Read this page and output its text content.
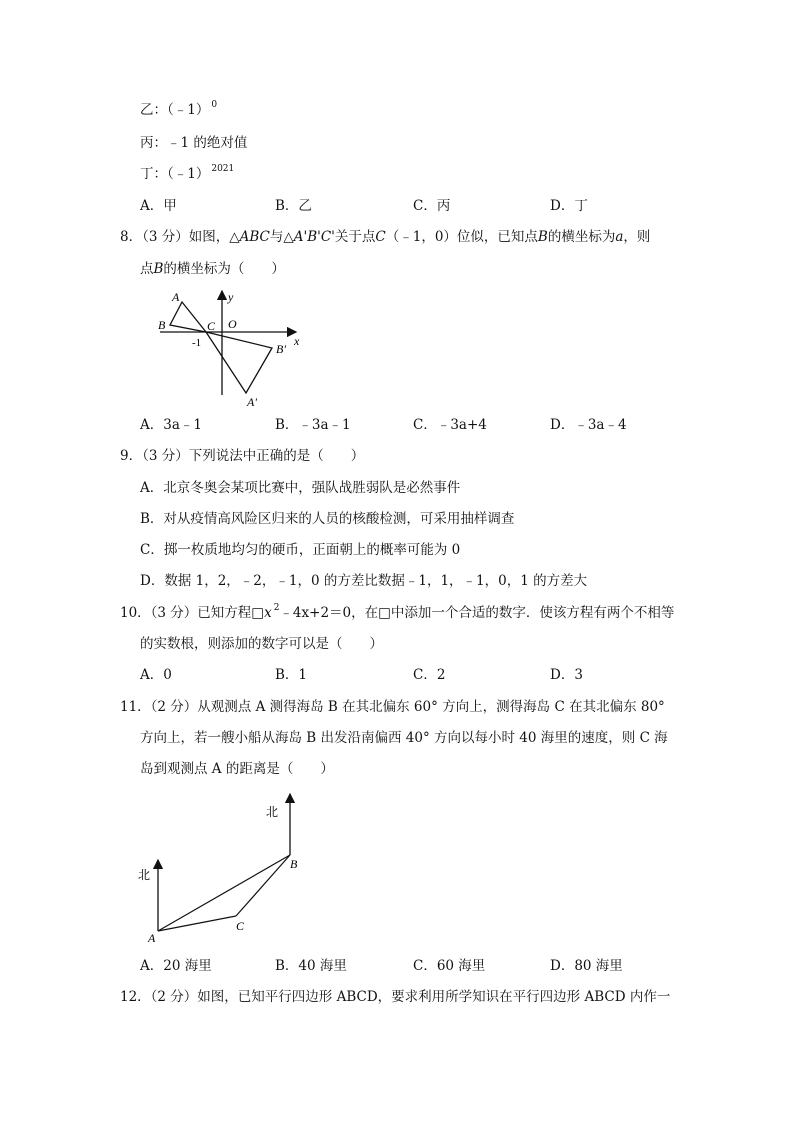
乙：（﹣1） $^0$
丙：﹣1 的绝对值
丁：（﹣1） $^{2021}$
A．甲	B．乙	C．丙	D．丁
8．（3 分）如图，△ABC与△A'B'C'关于点C（﹣1，0）位似，已知点B的横坐标为a，则
点B的横坐标为（　　）
A
B	C O
y
x
-1	B'
A'
A．3a﹣1	B．﹣3a﹣1	C．﹣3a+4	D．﹣3a﹣4
9．（3 分）下列说法中正确的是（　　）
A．北京冬奥会某项比赛中，强队战胜弱队是必然事件
B．对从疫情高风险区归来的人员的核酸检测，可采用抽样调查
C．掷一枚质地均匀的硬币，正面朝上的概率可能为 0
D．数据 1，2，﹣2，﹣1，0 的方差比数据﹣1，1，﹣1，0，1 的方差大
10．（3 分）已知方程□x $^2$﹣4x+2＝0，在□中添加一个合适的数字．使该方程有两个不相等
的实数根，则添加的数字可以是（　　）
A．0	B．1	C．2	D．3
11．（2 分）从观测点 A 测得海岛 B 在其北偏东 60° 方向上，测得海岛 C 在其北偏东 80°
方向上，若一艘小船从海岛 B 出发沿南偏西 40° 方向以每小时 40 海里的速度，则 C 海
岛到观测点 A 的距离是（　　）
北
北
A
B
C
A．20 海里	B．40 海里	C．60 海里	D．80 海里
12．（2 分）如图，已知平行四边形 ABCD，要求利用所学知识在平行四边形 ABCD 内作一
